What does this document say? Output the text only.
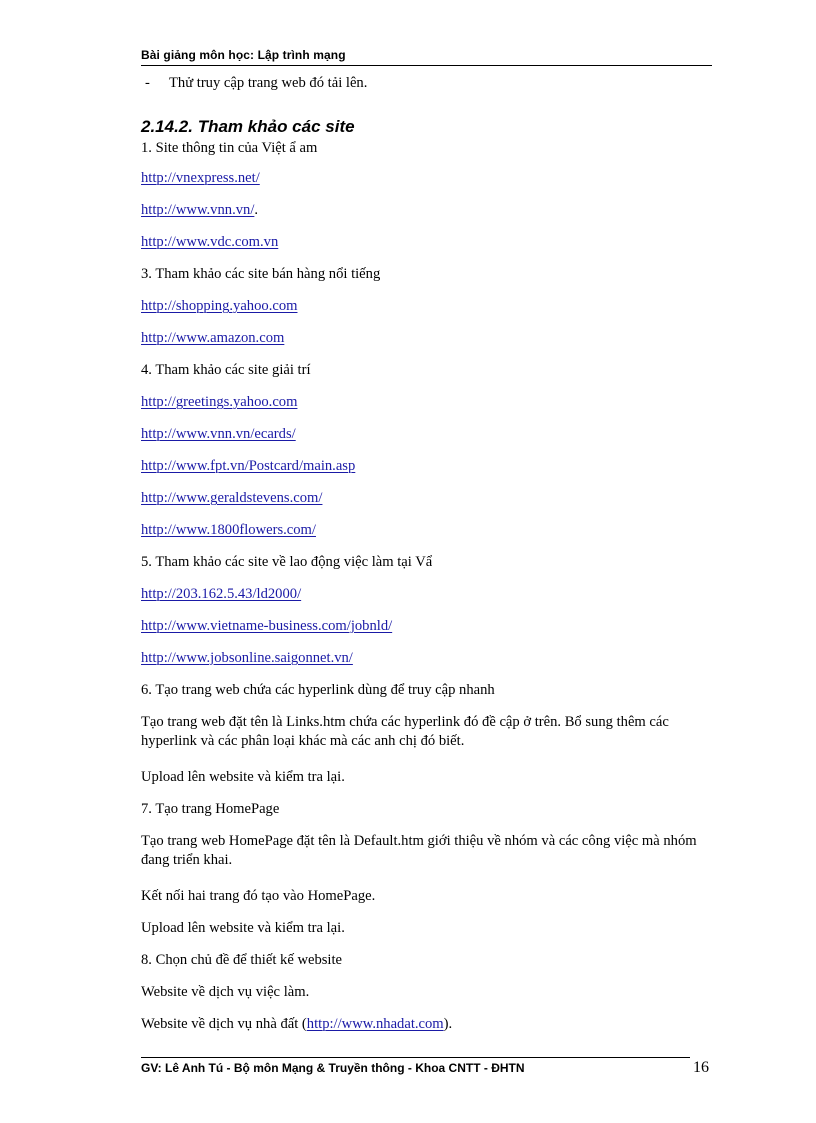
Bài giảng môn học: Lập trình mạng
- Thử truy cập trang web đó tải lên.
2.14.2. Tham khảo các site
1. Site thông tin của Việt ẩ am
http://vnexpress.net/
http://www.vnn.vn/.
http://www.vdc.com.vn
3. Tham khảo các site bán hàng nổi tiếng
http://shopping.yahoo.com
http://www.amazon.com
4. Tham khảo các site giải trí
http://greetings.yahoo.com
http://www.vnn.vn/ecards/
http://www.fpt.vn/Postcard/main.asp
http://www.geraldstevens.com/
http://www.1800flowers.com/
5. Tham khảo các site về lao động việc làm tại Vẩ
http://203.162.5.43/ld2000/
http://www.vietname-business.com/jobnld/
http://www.jobsonline.saigonnet.vn/
6. Tạo trang web chứa các hyperlink dùng để truy cập nhanh
Tạo trang web đặt tên là Links.htm chứa các hyperlink đó đề cập ở trên. Bổ sung thêm các hyperlink và các phân loại khác mà các anh chị đó biết.
Upload lên website và kiểm tra lại.
7. Tạo trang HomePage
Tạo trang web HomePage đặt tên là Default.htm giới thiệu về nhóm và các công việc mà nhóm đang triển khai.
Kết nối hai trang đó tạo vào HomePage.
Upload lên website và kiểm tra lại.
8. Chọn chủ đề để thiết kế website
Website về dịch vụ việc làm.
Website về dịch vụ nhà đất (http://www.nhadat.com).
GV: Lê Anh Tú - Bộ môn Mạng & Truyền thông - Khoa CNTT - ĐHTN	16
